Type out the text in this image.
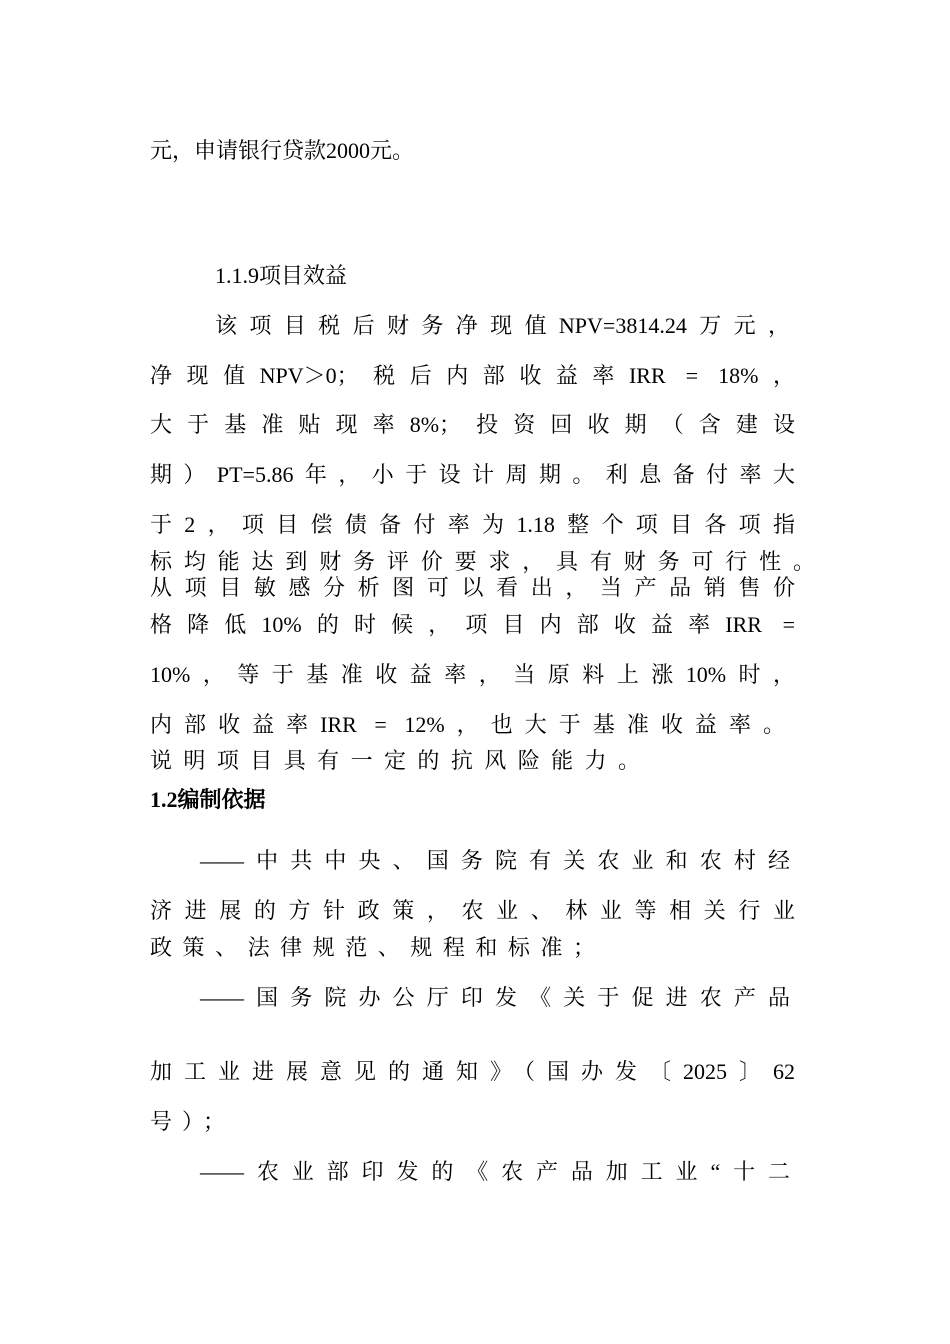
元，申请银行贷款2000元。
1.1.9项目效益
该项目税后财务净现值NPV=3814.24万元，
净现值NPV＞0；税后内部收益率IRR = 18%，
大于基准贴现率8%；投资回收期（含建设
期）PT=5.86年，小于设计周期。利息备付率大
于2，项目偿债备付率为1.18整个项目各项指
标均能达到财务评价要求，具有财务可行性。
从项目敏感分析图可以看出，当产品销售价
格降低10%的时候，项目内部收益率IRR =
10%，等于基准收益率，当原料上涨10%时，
内部收益率IRR = 12%，也大于基准收益率。
说明项目具有一定的抗风险能力。
1.2编制依据
——中共中央、国务院有关农业和农村经
济进展的方针政策，农业、林业等相关行业
政策、法律规范、规程和标准；
——国务院办公厅印发《关于促进农产品
加工业进展意见的通知》（国办发〔2025〕62
号）；
——农业部印发的《农产品加工业“十二
